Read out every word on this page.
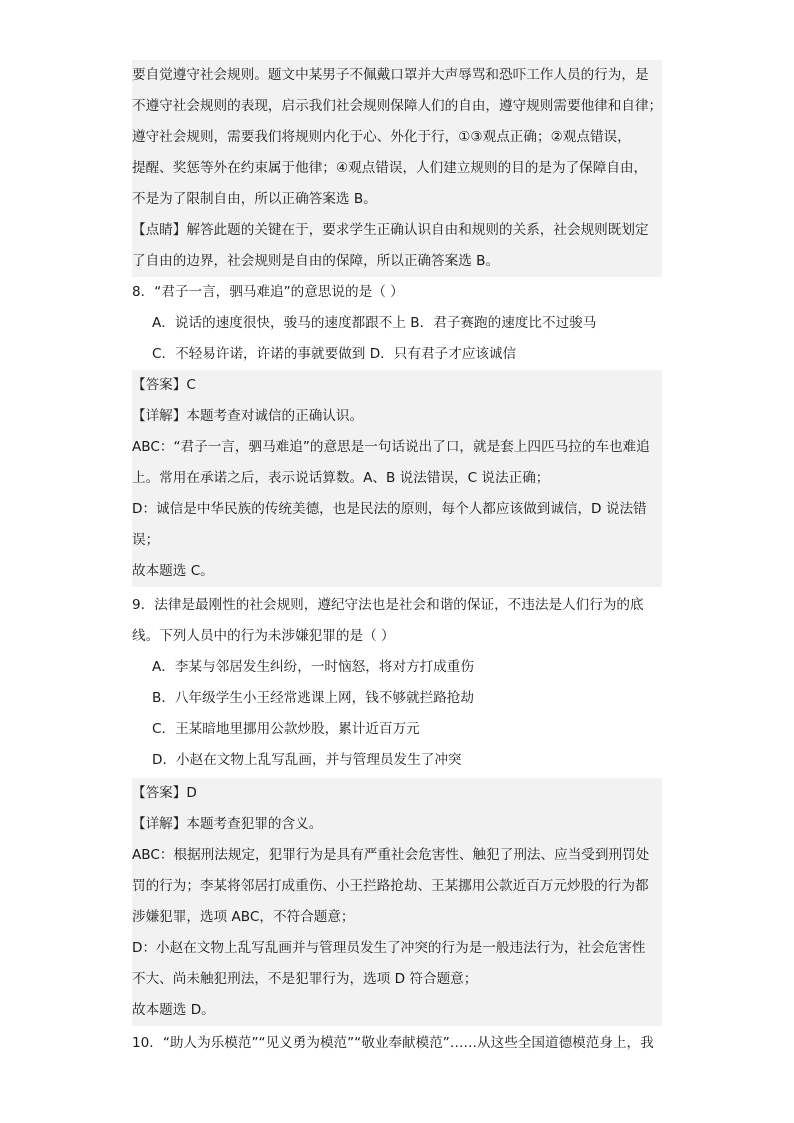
要自觉遵守社会规则。题文中某男子不佩戴口罩并大声辱骂和恐吓工作人员的行为，是
不遵守社会规则的表现，启示我们社会规则保障人们的自由，遵守规则需要他律和自律；
遵守社会规则，需要我们将规则内化于心、外化于行，①③观点正确；②观点错误，
提醒、奖惩等外在约束属于他律；④观点错误，人们建立规则的目的是为了保障自由，
不是为了限制自由，所以正确答案选 B。
【点睛】解答此题的关键在于，要求学生正确认识自由和规则的关系，社会规则既划定
了自由的边界，社会规则是自由的保障，所以正确答案选 B。
8．“君子一言，驷马难追”的意思说的是（ ）
A．说话的速度很快，骏马的速度都跟不上 B．君子赛跑的速度比不过骏马
C．不轻易许诺，许诺的事就要做到 D．只有君子才应该诚信
【答案】C
【详解】本题考查对诚信的正确认识。
ABC：“君子一言，驷马难追”的意思是一句话说出了口，就是套上四匹马拉的车也难追
上。常用在承诺之后，表示说话算数。A、B 说法错误，C 说法正确；
D：诚信是中华民族的传统美德，也是民法的原则，每个人都应该做到诚信，D 说法错
误；
故本题选 C。
9．法律是最刚性的社会规则，遵纪守法也是社会和谐的保证，不违法是人们行为的底
线。下列人员中的行为未涉嫌犯罪的是（ ）
A．李某与邻居发生纠纷，一时恼怒，将对方打成重伤
B．八年级学生小王经常逃课上网，钱不够就拦路抢劫
C．王某暗地里挪用公款炒股，累计近百万元
D．小赵在文物上乱写乱画，并与管理员发生了冲突
【答案】D
【详解】本题考查犯罪的含义。
ABC：根据刑法规定，犯罪行为是具有严重社会危害性、触犯了刑法、应当受到刑罚处
罚的行为；李某将邻居打成重伤、小王拦路抢劫、王某挪用公款近百万元炒股的行为都
涉嫌犯罪，选项 ABC，不符合题意；
D：小赵在文物上乱写乱画并与管理员发生了冲突的行为是一般违法行为，社会危害性
不大、尚未触犯刑法，不是犯罪行为，选项 D 符合题意；
故本题选 D。
10．“助人为乐模范”“见义勇为模范”“敬业奉献模范”……从这些全国道德模范身上，我
